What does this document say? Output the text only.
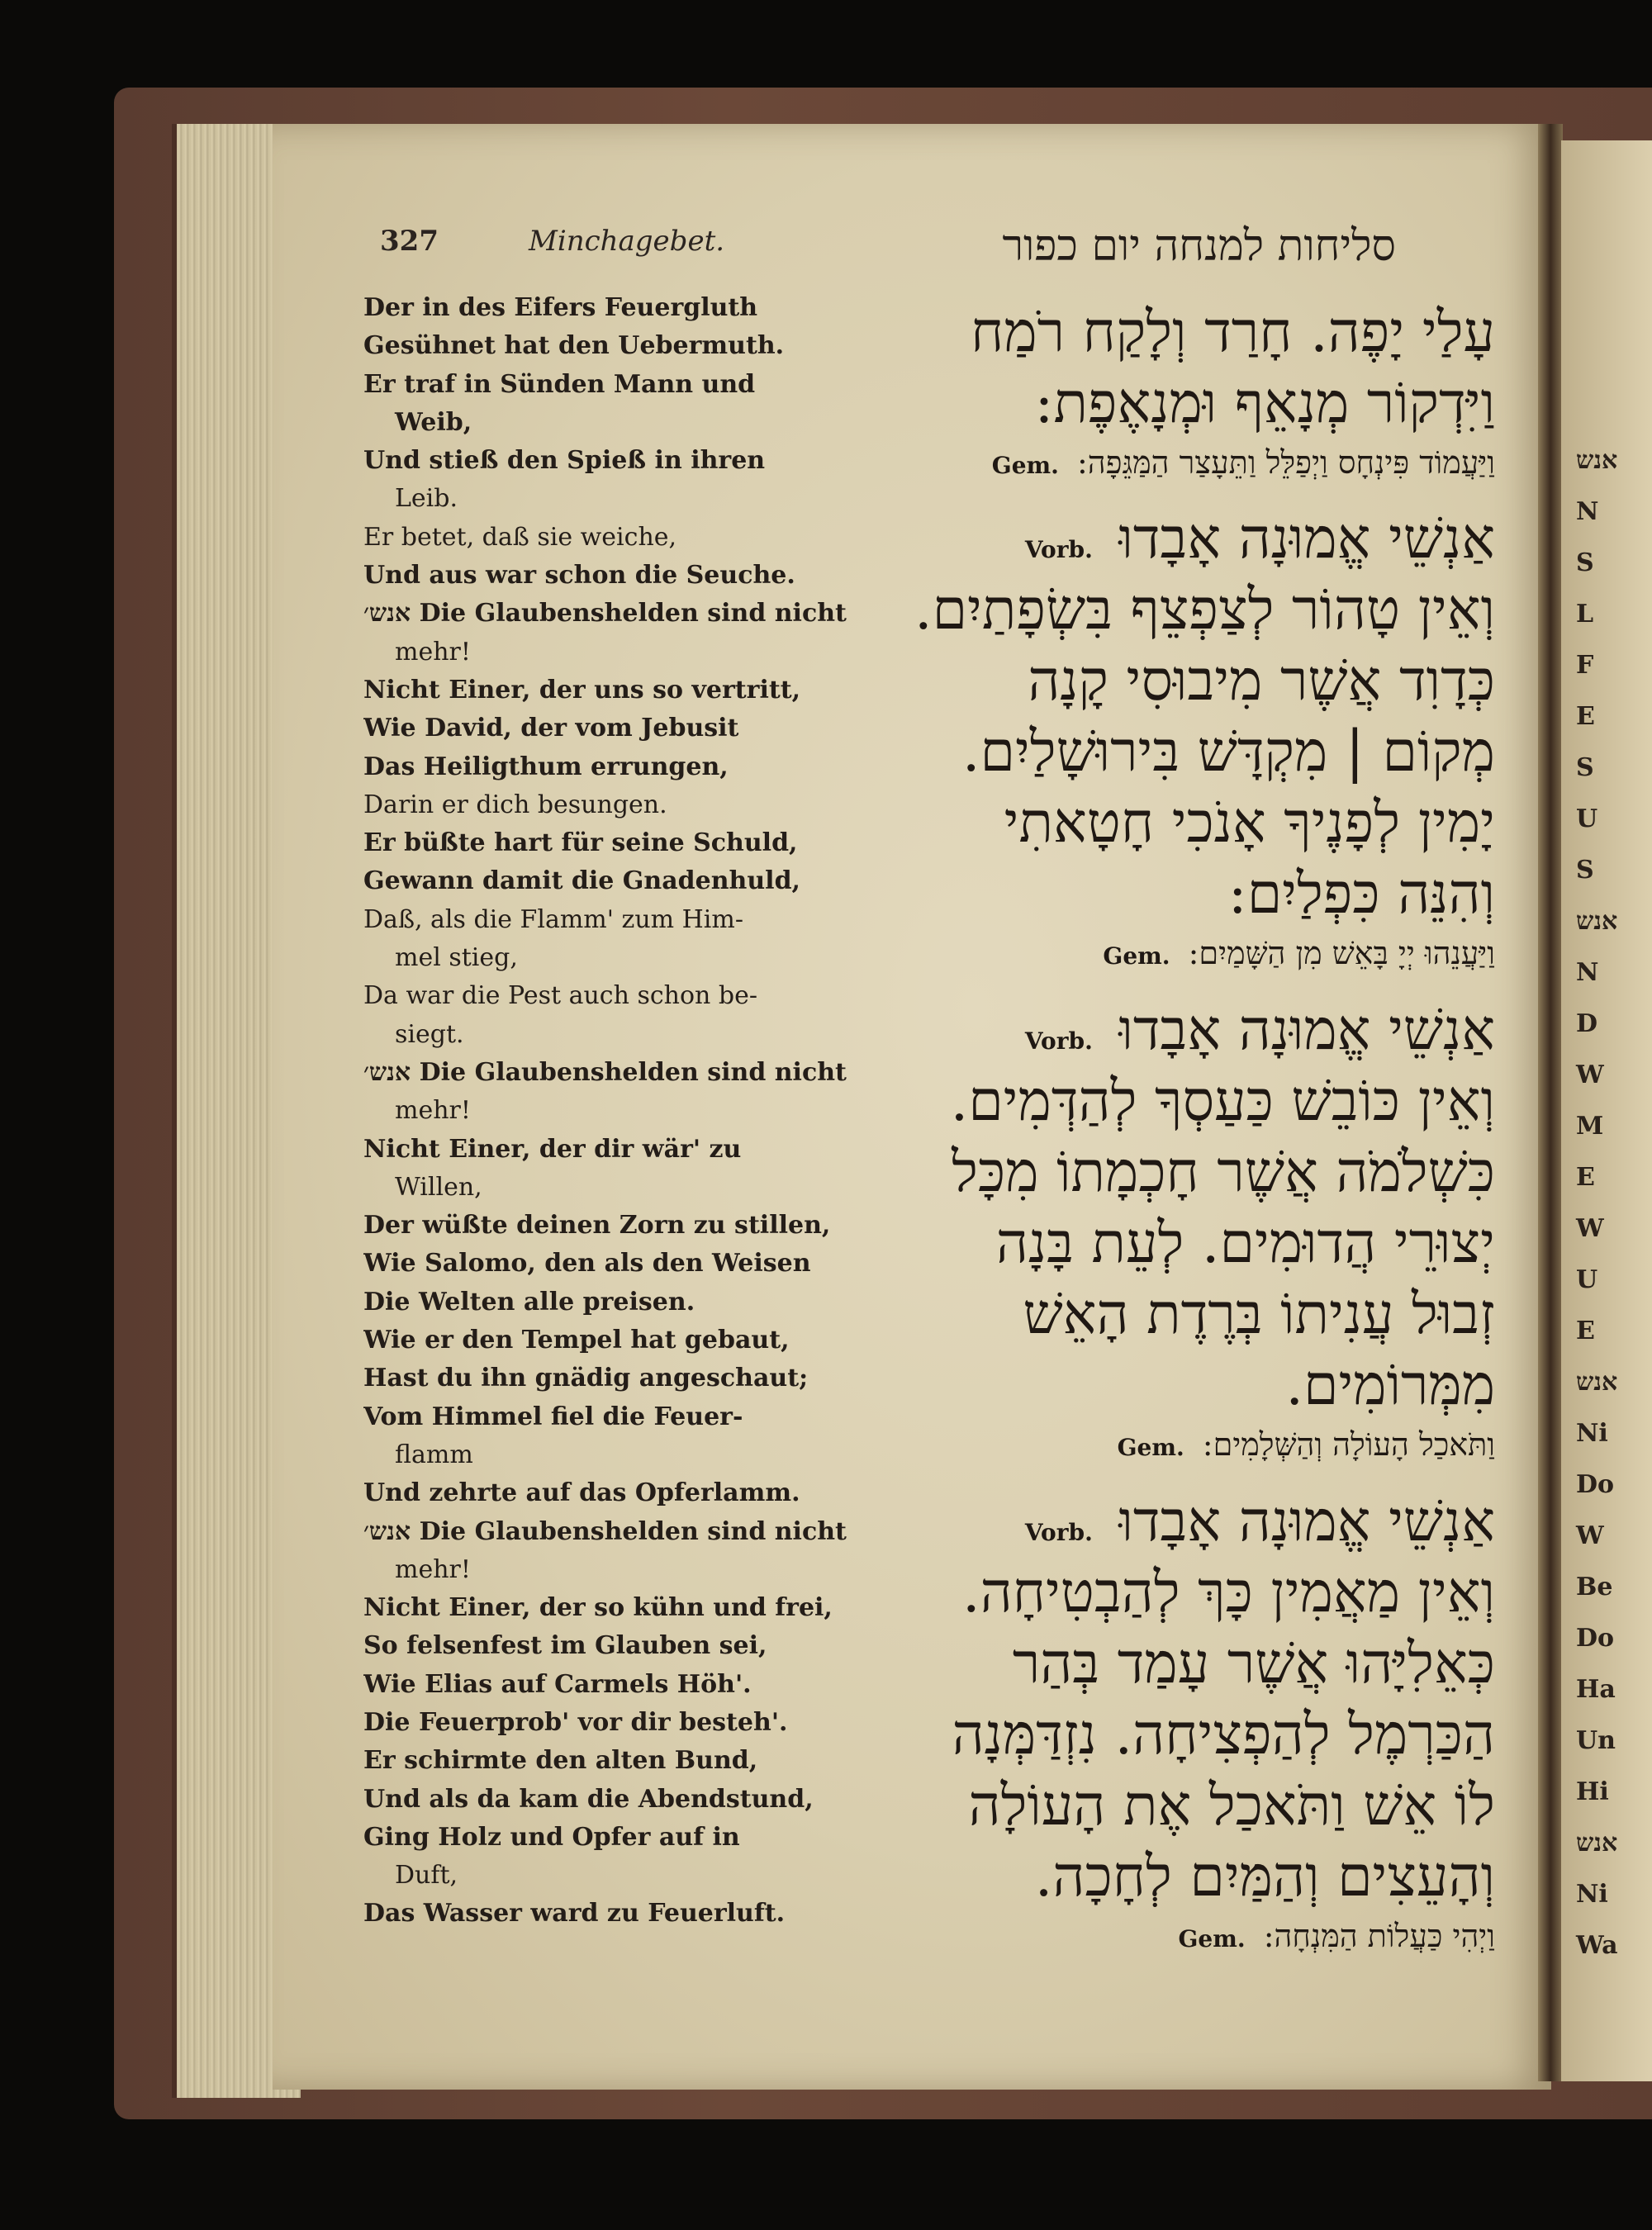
327	Minchagebet.	סליחות למנחה יום כפור
Der in des Eifers Feuergluth
Gesühnet hat den Uebermuth.
Er traf in Sünden Mann und
Weib,
Und stieß den Spieß in ihren
Leib.
Er betet, daß sie weiche,
Und aus war schon die Seuche.
אנש׳ Die Glaubenshelden sind nicht
mehr!
Nicht Einer, der uns so vertritt,
Wie David, der vom Jebusit
Das Heiligthum errungen,
Darin er dich besungen.
Er büßte hart für seine Schuld,
Gewann damit die Gnadenhuld,
Daß, als die Flamm' zum Him-
mel stieg,
Da war die Pest auch schon be-
siegt.
אנש׳ Die Glaubenshelden sind nicht
mehr!
Nicht Einer, der dir wär' zu
Willen,
Der wüßte deinen Zorn zu stillen,
Wie Salomo, den als den Weisen
Die Welten alle preisen.
Wie er den Tempel hat gebaut,
Hast du ihn gnädig angeschaut;
Vom Himmel fiel die Feuer-
flamm
Und zehrte auf das Opferlamm.
אנש׳ Die Glaubenshelden sind nicht
mehr!
Nicht Einer, der so kühn und frei,
So felsenfest im Glauben sei,
Wie Elias auf Carmels Höh'.
Die Feuerprob' vor dir besteh'.
Er schirmte den alten Bund,
Und als da kam die Abendstund,
Ging Holz und Opfer auf in
Duft,
Das Wasser ward zu Feuerluft.
עָלַי יָפֶה. חָרַד וְלָקַח רֹמַח
וַיִּדְקוֹר מְנָאֵף וּמְנָאֶפֶת:
וַיַּעֲמוֹד פִּינְחָס וַיְפַלֵּל וַתֵּעָצַר הַמַּגֵּפָה: Gem.
אַנְשֵׁי אֱמוּנָה אָבָדוּ Vorb.
וְאֵין טָהוֹר לְצַפְצֵף בִּשְׂפָתַיִם.
כְּדָוִד אֲשֶׁר מִיבוּסִי קָנָה
מְקוֹם | מִקְדָּשׁ בִּירוּשָׁלַיִם.
יָמִין לְפָנֶיךָ אָנֹכִי חָטָאתִי
וְהִנֵּה כִּפְלַיִם:
וַיַּעֲנֵהוּ יְיָ בָּאֵשׁ מִן הַשָּׁמַיִם: Gem.
אַנְשֵׁי אֱמוּנָה אָבָדוּ Vorb.
וְאֵין כּוֹבֵשׁ כַּעַסְךָ לְהַדְּמִים.
כִּשְׁלֹמֹה אֲשֶׁר חָכְמָתוֹ מִכָּל
יְצוּרֵי הֲדוּמִים. לְעֵת בָּנָה
זְבוּל עֲנִיתוֹ בְּרֶדֶת הָאֵשׁ
מִמְּרוֹמִים.
וַתֹּאכַל הָעוֹלָה וְהַשְּׁלָמִים: Gem.
אַנְשֵׁי אֱמוּנָה אָבָדוּ Vorb.
וְאֵין מַאֲמִין כָּךְ לְהַבְטִיחָה.
כְּאֵלִיָּהוּ אֲשֶׁר עָמַד בְּהַר
הַכַּרְמֶל לְהַפְצִיחָה. נִזְדַּמְּנָה
לוֹ אֵשׁ וַתֹּאכַל אֶת הָעוֹלָה
וְהָעֵצִים וְהַמַּיִם לְחָכָה.
וַיְהִי כַּעֲלוֹת הַמִּנְחָה: Gem.
אנש
N
S
L
F
E
S
U
S
אנש
N
D
W
M
E
W
U
E
אנש
Ni
Do
W
Be
Do
Ha
Un
Hi
אנש
Ni
Wa
